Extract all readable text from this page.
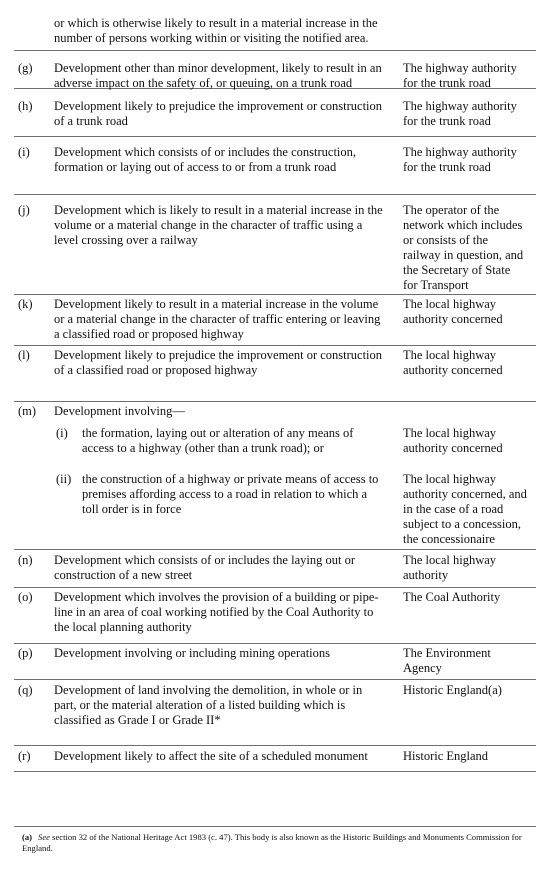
or which is otherwise likely to result in a material increase in the
number of persons working within or visiting the notified area.
(g) Development other than minor development, likely to result in an
adverse impact on the safety of, or queuing, on a trunk road
The highway authority
for the trunk road
(h) Development likely to prejudice the improvement or construction
of a trunk road
The highway authority
for the trunk road
(i) Development which consists of or includes the construction,
formation or laying out of access to or from a trunk road
The highway authority
for the trunk road
(j) Development which is likely to result in a material increase in the
volume or a material change in the character of traffic using a
level crossing over a railway
The operator of the
network which includes
or consists of the
railway in question, and
the Secretary of State
for Transport
(k) Development likely to result in a material increase in the volume
or a material change in the character of traffic entering or leaving
a classified road or proposed highway
The local highway
authority concerned
(l) Development likely to prejudice the improvement or construction
of a classified road or proposed highway
The local highway
authority concerned
(m) Development involving—
(i) the formation, laying out or alteration of any means of
access to a highway (other than a trunk road); or
The local highway
authority concerned
(ii) the construction of a highway or private means of access to
premises affording access to a road in relation to which a
toll order is in force
The local highway
authority concerned, and
in the case of a road
subject to a concession,
the concessionaire
(n) Development which consists of or includes the laying out or
construction of a new street
The local highway
authority
(o) Development which involves the provision of a building or pipe-
line in an area of coal working notified by the Coal Authority to
the local planning authority
The Coal Authority
(p) Development involving or including mining operations	The Environment
Agency
(q) Development of land involving the demolition, in whole or in
part, or the material alteration of a listed building which is
classified as Grade I or Grade II*
Historic England(a)
(r) Development likely to affect the site of a scheduled monument	Historic England
(a) See section 32 of the National Heritage Act 1983 (c. 47). This body is also known as the Historic Buildings and Monuments Commission for England.
